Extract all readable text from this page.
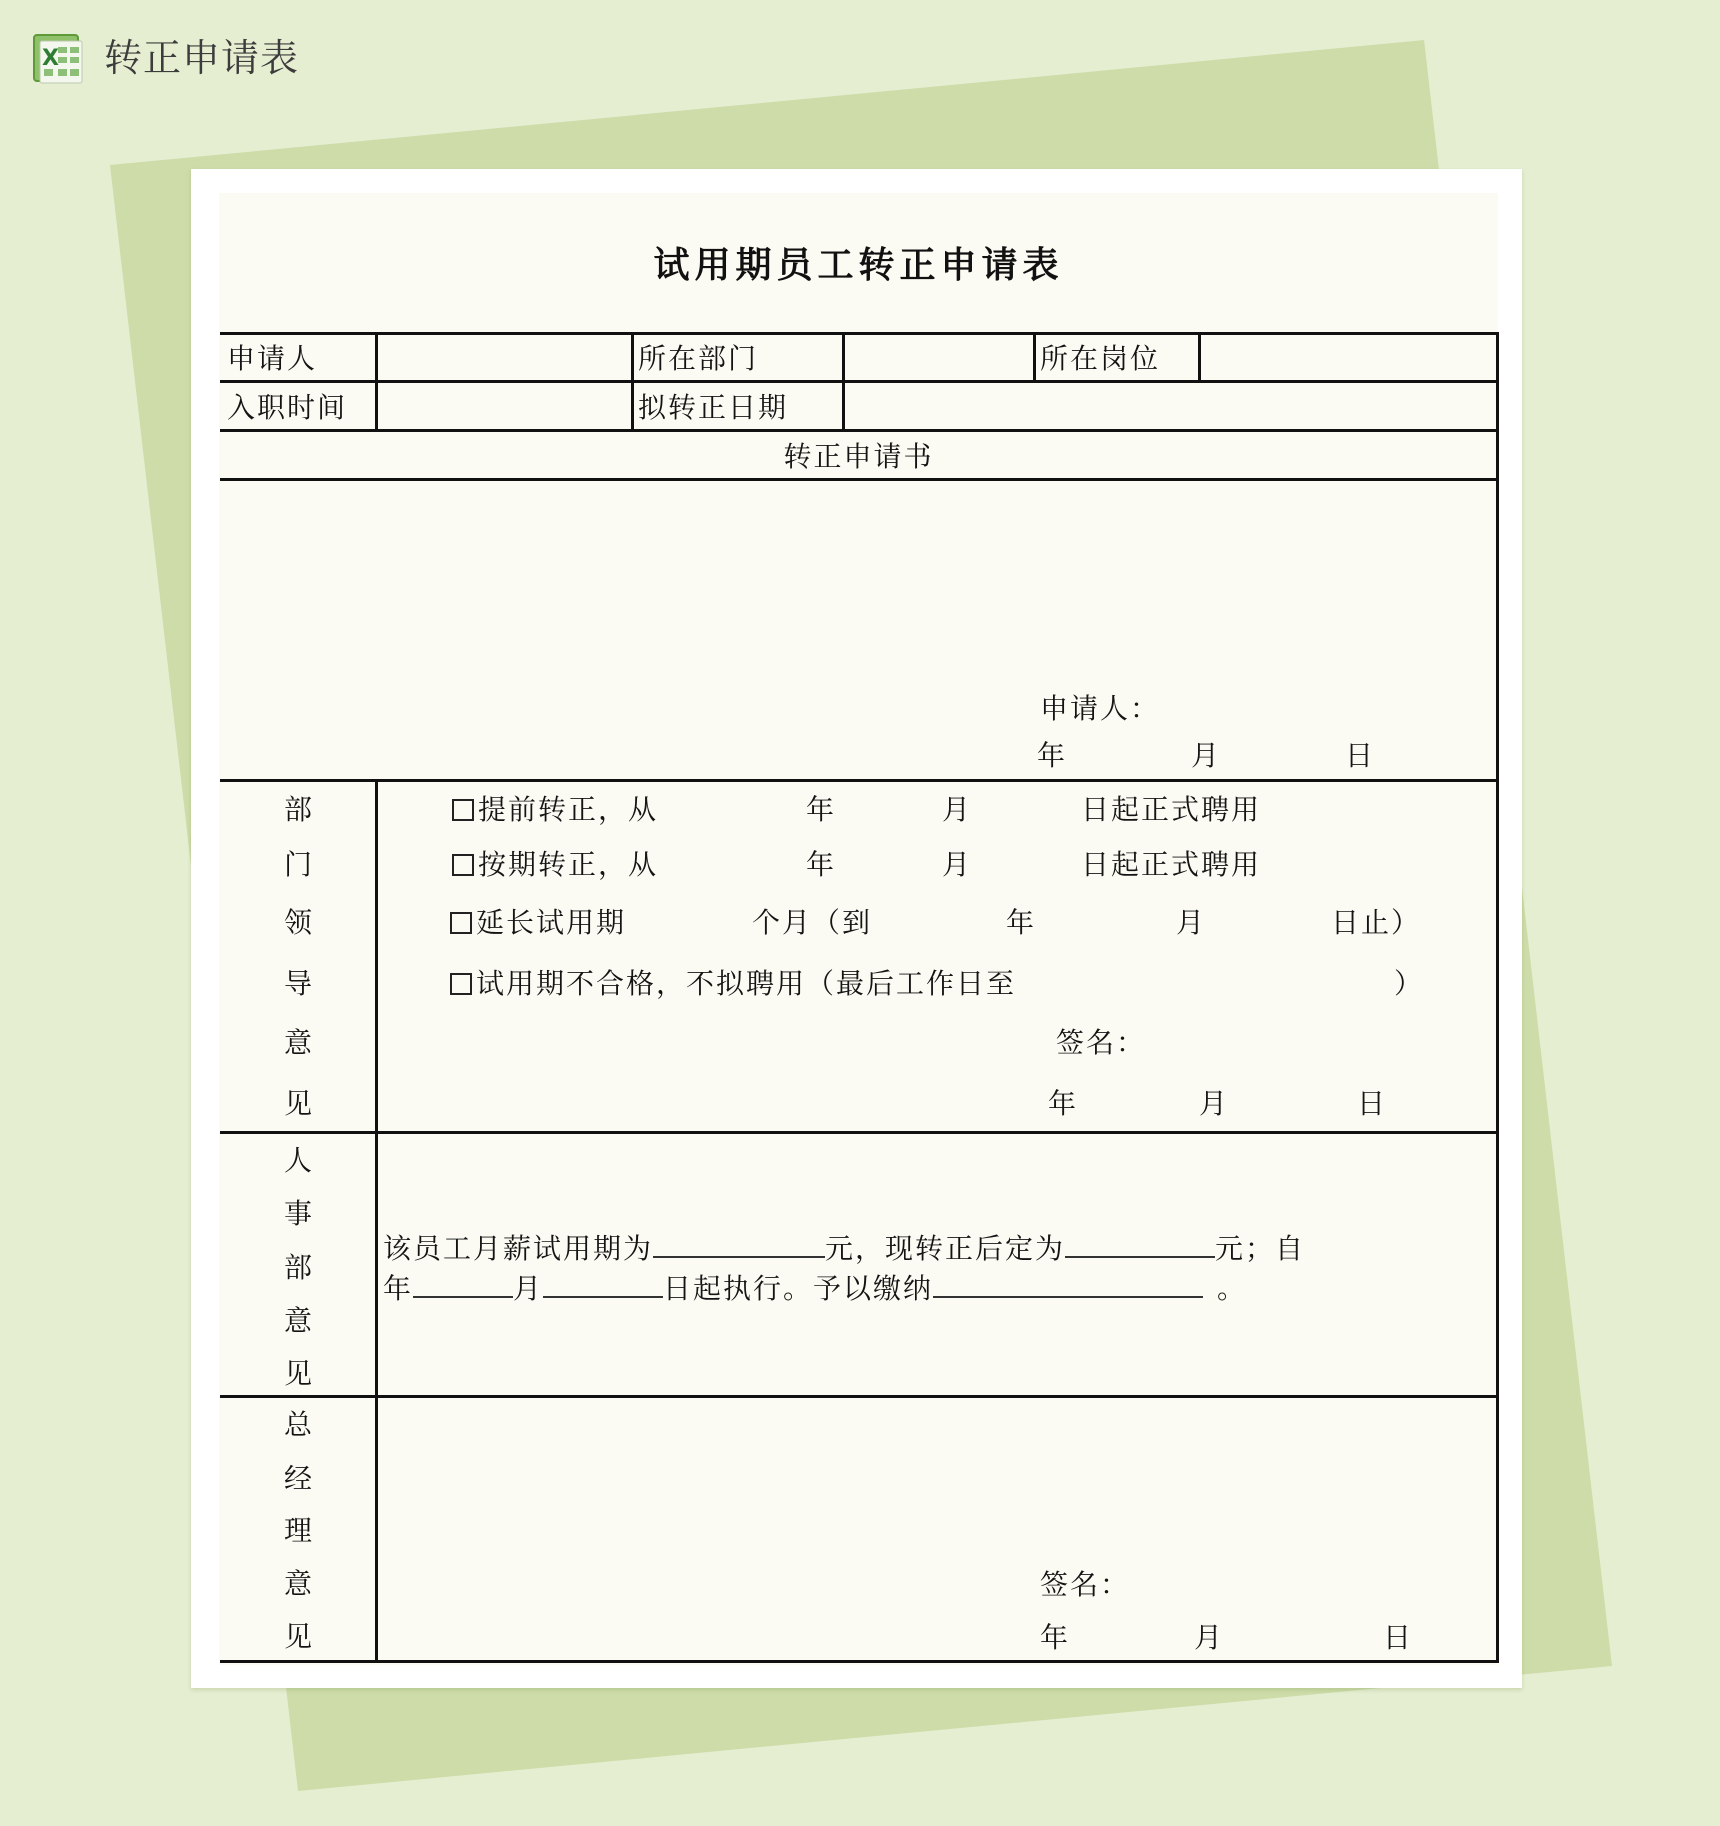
X 转正申请表
试用期员工转正申请表
申请人	所在部门	所在岗位
入职时间	拟转正日期
转正申请书
申请人：
年	月	日
部
门
领
导
意
见
提前转正，从	年	月	日起正式聘用
按期转正，从	年	月	日起正式聘用
延长试用期	个月（到	年	月	日止）
试用期不合格，不拟聘用（最后工作日至	）
签名：
年	月	日
人
事
部
意
见
该员工月薪试用期为	元，现转正后定为	元；自
年	月	日起执行。予以缴纳	。
总
经
理
意
见
签名：
年	月	日
